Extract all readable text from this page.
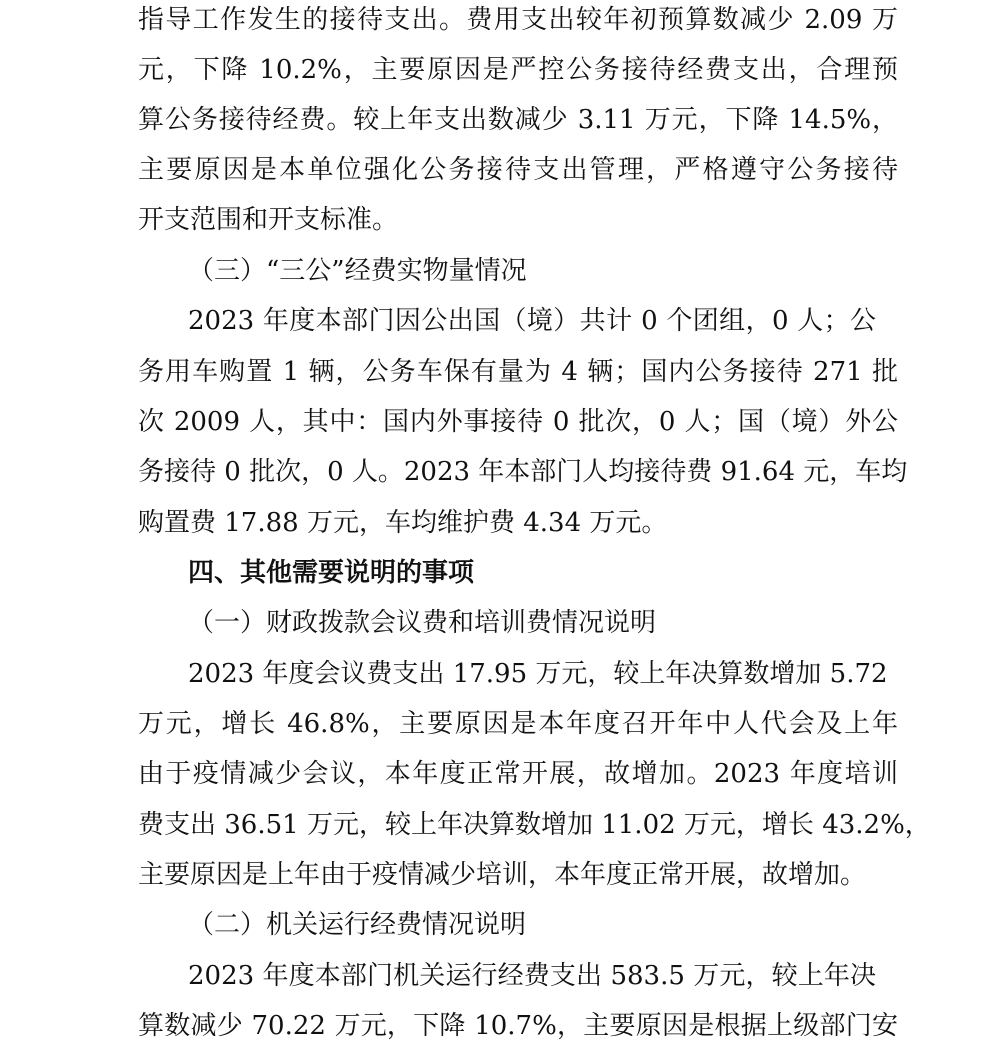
指导工作发生的接待支出。费用支出较年初预算数减少 2.09 万
元，下降 10.2%，主要原因是严控公务接待经费支出，合理预
算公务接待经费。较上年支出数减少 3.11 万元，下降 14.5%，
主要原因是本单位强化公务接待支出管理，严格遵守公务接待
开支范围和开支标准。
（三）“三公”经费实物量情况
2023 年度本部门因公出国（境）共计 0 个团组，0 人；公
务用车购置 1 辆，公务车保有量为 4 辆；国内公务接待 271 批
次 2009 人，其中：国内外事接待 0 批次，0 人；国（境）外公
务接待 0 批次，0 人。2023 年本部门人均接待费 91.64 元，车均
购置费 17.88 万元，车均维护费 4.34 万元。
四、其他需要说明的事项
（一）财政拨款会议费和培训费情况说明
2023 年度会议费支出 17.95 万元，较上年决算数增加 5.72
万元，增长 46.8%，主要原因是本年度召开年中人代会及上年
由于疫情减少会议，本年度正常开展，故增加。2023 年度培训
费支出 36.51 万元，较上年决算数增加 11.02 万元，增长 43.2%，
主要原因是上年由于疫情减少培训，本年度正常开展，故增加。
（二）机关运行经费情况说明
2023 年度本部门机关运行经费支出 583.5 万元，较上年决
算数减少 70.22 万元，下降 10.7%，主要原因是根据上级部门安
